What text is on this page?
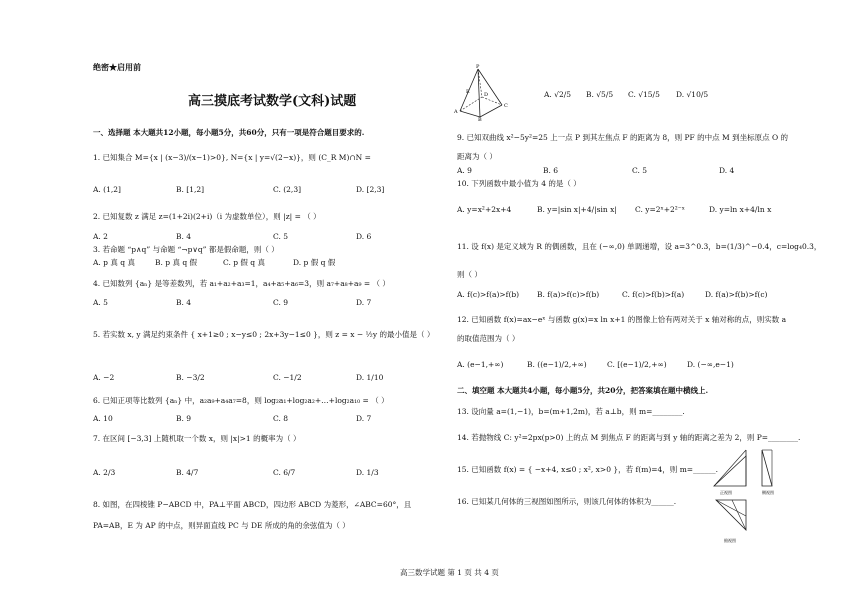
绝密★启用前
高三摸底考试数学(文科)试题
一、选择题 本大题共12小题，每小题5分，共60分，只有一项是符合题目要求的.
1. 已知集合 M={x | (x−3)/(x−1)>0}, N={x | y=√(2−x)}，则 (C_R M)∩N =
A. (1,2]	B. [1,2]	C. (2,3]	D. [2,3]
2. 已知复数 z 满足 z=(1+2i)(2+i)（i 为虚数单位），则 |z| = （ ）
A. 2	B. 4	C. 5	D. 6
3. 若命题 “p∧q” 与命题 “¬p∨q” 都是假命题，则（ ）
A. p 真 q 真	B. p 真 q 假	C. p 假 q 真	D. p 假 q 假
4. 已知数列 {aₙ} 是等差数列，若 a₁+a₂+a₃=1，a₄+a₅+a₆=3，则 a₇+a₈+a₉ = （ ）
A. 5	B. 4	C. 9	D. 7
5. 若实数 x, y 满足约束条件 { x+1≥0 ; x−y≤0 ; 2x+3y−1≤0 }，则 z = x − ½y 的最小值是（ ）
A. −2	B. −3/2	C. −1/2	D. 1/10
6. 已知正项等比数列 {aₙ} 中，a₂a₉+a₄a₇=8，则 log₂a₁+log₂a₂+…+log₂a₁₀ = （ ）
A. 10	B. 9	C. 8	D. 7
7. 在区间 [−3,3] 上随机取一个数 x，则 |x|>1 的概率为（ ）
A. 2/3	B. 4/7	C. 6/7	D. 1/3
8. 如图，在四棱锥 P−ABCD 中，PA⊥平面 ABCD，四边形 ABCD 为菱形，∠ABC=60°，且
PA=AB，E 为 AP 的中点，则异面直线 PC 与 DE 所成的角的余弦值为（ ）
高三数学试题 第 1 页 共 4 页
P
E
A
B
C
D	A. √2/5 B. √5/5 C. √15/5 D. √10/5
9. 已知双曲线 x²−5y²=25 上一点 P 到其左焦点 F 的距离为 8，则 PF 的中点 M 到坐标原点 O 的
距离为（ ）
A. 9	B. 6	C. 5	D. 4
10. 下列函数中最小值为 4 的是（ ）
A. y=x²+2x+4	B. y=|sin x|+4/|sin x| C. y=2ˣ+2²⁻ˣ	D. y=ln x+4/ln x
11. 设 f(x) 是定义域为 R 的偶函数，且在 (−∞,0) 单调递增，设 a=3^0.3，b=(1/3)^−0.4，c=log₄0.3，
则（ ）
A. f(c)>f(a)>f(b) B. f(a)>f(c)>f(b)	C. f(c)>f(b)>f(a)	D. f(a)>f(b)>f(c)
12. 已知函数 f(x)=ax−eˣ 与函数 g(x)=x ln x+1 的图像上恰有两对关于 x 轴对称的点，则实数 a
的取值范围为（ ）
A. (e−1,+∞)	B. ((e−1)/2,+∞)	C. [(e−1)/2,+∞)	D. (−∞,e−1)
二、填空题 本大题共4小题，每小题5分，共20分，把答案填在题中横线上.
13. 设向量 a=(1,−1)，b=(m+1,2m)，若 a⊥b，则 m=________.
14. 若抛物线 C: y²=2px(p>0) 上的点 M 到焦点 F 的距离与到 y 轴的距离之差为 2，则 P=________.
15. 已知函数 f(x) = { −x+4, x≤0 ; x², x>0 }，若 f(m)=4，则 m=______.
16. 已知某几何体的三视图如图所示，则该几何体的体积为______.
正视图	侧视图
俯视图
